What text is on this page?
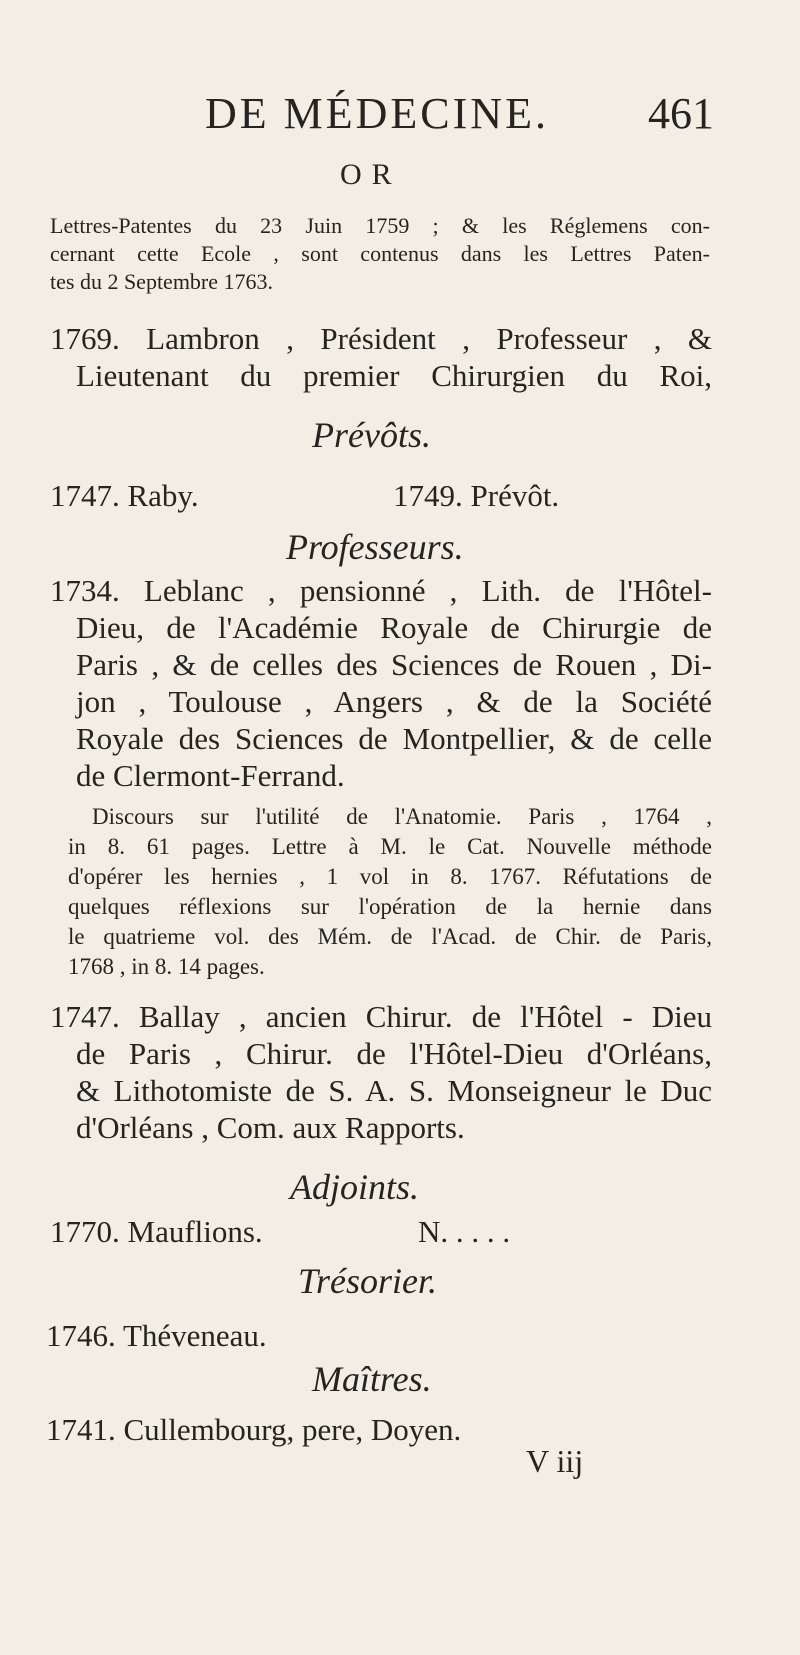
DE MÉDECINE. 461
OR
Lettres-Patentes du 23 Juin 1759 ; & les Réglemens con-
cernant cette Ecole , sont contenus dans les Lettres Paten-
tes du 2 Septembre 1763.
1769. Lambron , Président , Professeur , &
Lieutenant du premier Chirurgien du Roi,
Prévôts.
1747. Raby.	1749. Prévôt.
Professeurs.
1734. Leblanc , pensionné , Lith. de l'Hôtel-
Dieu, de l'Académie Royale de Chirurgie de
Paris , & de celles des Sciences de Rouen , Di-
jon , Toulouse , Angers , & de la Société
Royale des Sciences de Montpellier, & de celle
de Clermont-Ferrand.
Discours sur l'utilité de l'Anatomie. Paris , 1764 ,
in 8. 61 pages. Lettre à M. le Cat. Nouvelle méthode
d'opérer les hernies , 1 vol in 8. 1767. Réfutations de
quelques réflexions sur l'opération de la hernie dans
le quatrieme vol. des Mém. de l'Acad. de Chir. de Paris,
1768 , in 8. 14 pages.
1747. Ballay , ancien Chirur. de l'Hôtel - Dieu
de Paris , Chirur. de l'Hôtel-Dieu d'Orléans,
& Lithotomiste de S. A. S. Monseigneur le Duc
d'Orléans , Com. aux Rapports.
Adjoints.
1770. Mauflions.	N. . . . .
Trésorier.
1746. Théveneau.
Maîtres.
1741. Cullembourg, pere, Doyen.
V iij
